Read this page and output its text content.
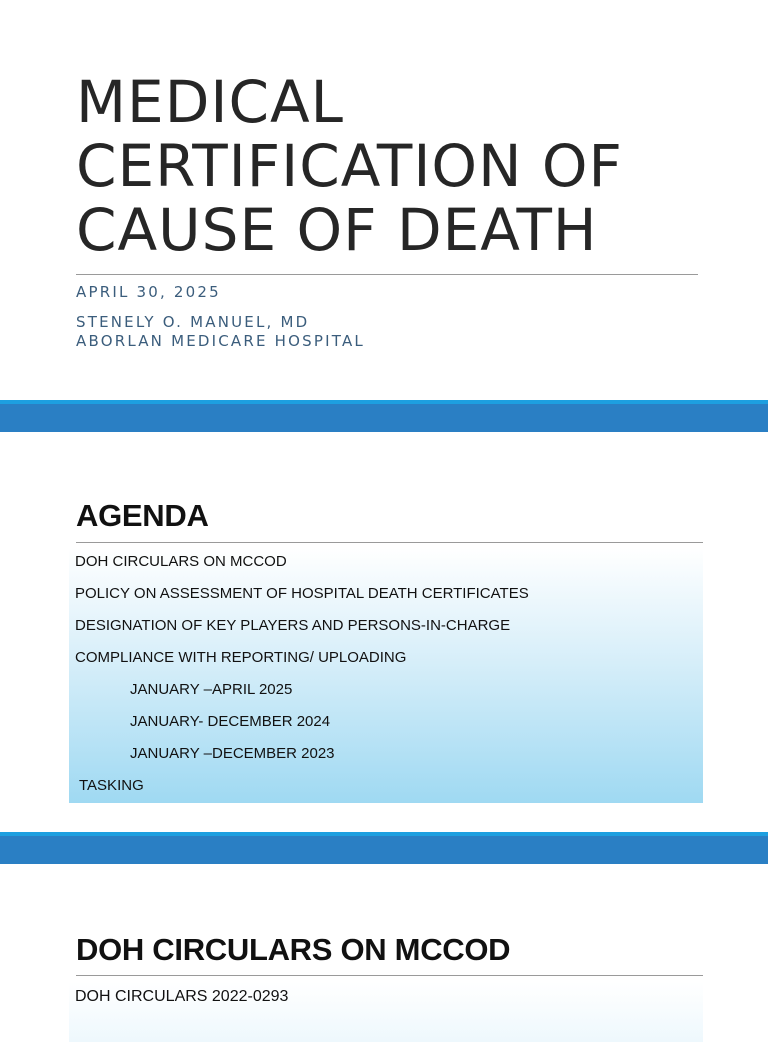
MEDICAL
CERTIFICATION OF
CAUSE OF DEATH

APRIL 30, 2025

STENELY O. MANUEL, MD

ABORLAN MEDICARE HOSPITAL

AGENDA
DOH CIRCULARS ON MCCOD
POLICY ON ASSESSMENT OF HOSPITAL DEATH CERTIFICATES
DESIGNATION OF KEY PLAYERS AND PERSONS-IN-CHARGE
COMPLIANCE WITH REPORTING/ UPLOADING
JANUARY –APRIL 2025
JANUARY- DECEMBER 2024
JANUARY –DECEMBER 2023
TASKING
DOH CIRCULARS ON MCCOD
DOH CIRCULARS 2022-0293
